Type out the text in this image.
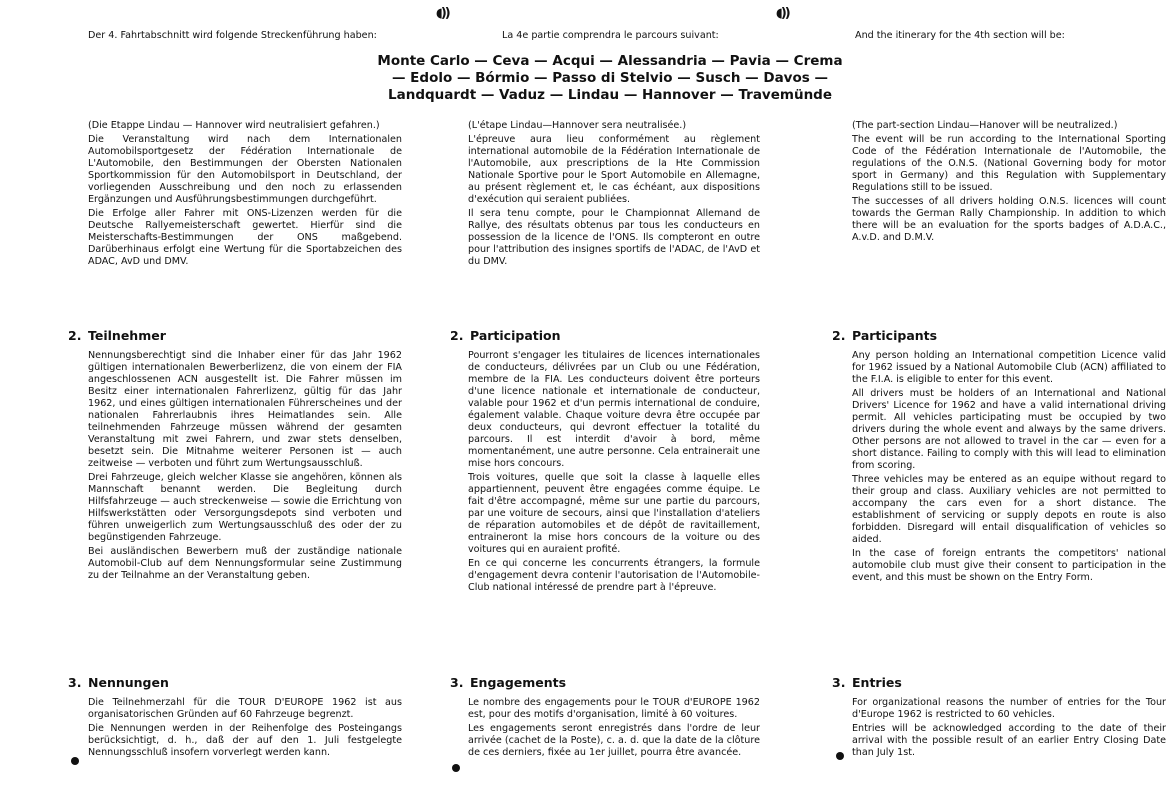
◖))	◖))
Der 4. Fahrtabschnitt wird folgende Streckenführung haben:	La 4e partie comprendra le parcours suivant:	And the itinerary for the 4th section will be:
Monte Carlo — Ceva — Acqui — Alessandria — Pavia — Crema
— Edolo — Bórmio — Passo di Stelvio — Susch — Davos —
Landquardt — Vaduz — Lindau — Hannover — Travemünde

(Die Etappe Lindau — Hannover wird neutralisiert gefahren.)

Die Veranstaltung wird nach dem Internationalen Automobilsportgesetz der Fédération Internationale de L'Automobile, den Bestimmungen der Obersten Nationalen Sportkommission für den Automobilsport in Deutschland, der vorliegenden Ausschreibung und den noch zu erlassenden Ergänzungen und Ausführungsbestimmungen durchgeführt.

Die Erfolge aller Fahrer mit ONS-Lizenzen werden für die Deutsche Rallyemeisterschaft gewertet. Hierfür sind die Meisterschafts-Bestimmungen der ONS maßgebend. Darüberhinaus erfolgt eine Wertung für die Sportabzeichen des ADAC, AvD und DMV.

(L'étape Lindau—Hannover sera neutralisée.)

L'épreuve aura lieu conformément au règlement international automobile de la Fédération Internationale de l'Automobile, aux prescriptions de la Hte Commission Nationale Sportive pour le Sport Automobile en Allemagne, au présent règlement et, le cas échéant, aux dispositions d'exécution qui seraient publiées.

Il sera tenu compte, pour le Championnat Allemand de Rallye, des résultats obtenus par tous les conducteurs en possession de la licence de l'ONS. Ils compteront en outre pour l'attribution des insignes sportifs de l'ADAC, de l'AvD et du DMV.

(The part-section Lindau—Hanover will be neutralized.)

The event will be run according to the International Sporting Code of the Fédération Internationale de l'Automobile, the regulations of the O.N.S. (National Governing body for motor sport in Germany) and this Regulation with Supplementary Regulations still to be issued.

The successes of all drivers holding O.N.S. licences will count towards the German Rally Championship. In addition to which there will be an evaluation for the sports badges of A.D.A.C., A.v.D. and D.M.V.

2. Teilnehmer	2. Participation	2. Participants

Nennungsberechtigt sind die Inhaber einer für das Jahr 1962 gültigen internationalen Bewerberlizenz, die von einem der FIA angeschlossenen ACN ausgestellt ist. Die Fahrer müssen im Besitz einer internationalen Fahrerlizenz, gültig für das Jahr 1962, und eines gültigen internationalen Führerscheines und der nationalen Fahrerlaubnis ihres Heimatlandes sein. Alle teilnehmenden Fahrzeuge müssen während der gesamten Veranstaltung mit zwei Fahrern, und zwar stets denselben, besetzt sein. Die Mitnahme weiterer Personen ist — auch zeitweise — verboten und führt zum Wertungsausschluß.

Drei Fahrzeuge, gleich welcher Klasse sie angehören, können als Mannschaft benannt werden. Die Begleitung durch Hilfsfahrzeuge — auch streckenweise — sowie die Errichtung von Hilfswerkstätten oder Versorgungsdepots sind verboten und führen unweigerlich zum Wertungsausschluß des oder der zu begünstigenden Fahrzeuge.

Bei ausländischen Bewerbern muß der zuständige nationale Automobil-Club auf dem Nennungsformular seine Zustimmung zu der Teilnahme an der Veranstaltung geben.

Pourront s'engager les titulaires de licences internationales de conducteurs, délivrées par un Club ou une Fédération, membre de la FIA. Les conducteurs doivent être porteurs d'une licence nationale et internationale de conducteur, valable pour 1962 et d'un permis international de conduire, également valable. Chaque voiture devra être occupée par deux conducteurs, qui devront effectuer la totalité du parcours. Il est interdit d'avoir à bord, même momentanément, une autre personne. Cela entrainerait une mise hors concours.

Trois voitures, quelle que soit la classe à laquelle elles appartiennent, peuvent être engagées comme équipe. Le fait d'être accompagné, même sur une partie du parcours, par une voiture de secours, ainsi que l'installation d'ateliers de réparation automobiles et de dépôt de ravitaillement, entraineront la mise hors concours de la voiture ou des voitures qui en auraient profité.

En ce qui concerne les concurrents étrangers, la formule d'engagement devra contenir l'autorisation de l'Automobile-Club national intéressé de prendre part à l'épreuve.

Any person holding an International competition Licence valid for 1962 issued by a National Automobile Club (ACN) affiliated to the F.I.A. is eligible to enter for this event.

All drivers must be holders of an International and National Drivers' Licence for 1962 and have a valid international driving permit. All vehicles participating must be occupied by two drivers during the whole event and always by the same drivers. Other persons are not allowed to travel in the car — even for a short distance. Failing to comply with this will lead to elimination from scoring.

Three vehicles may be entered as an equipe without regard to their group and class. Auxiliary vehicles are not permitted to accompany the cars even for a short distance. The establishment of servicing or supply depots en route is also forbidden. Disregard will entail disqualification of vehicles so aided.

In the case of foreign entrants the competitors' national automobile club must give their consent to participation in the event, and this must be shown on the Entry Form.

3. Nennungen	3. Engagements	3. Entries

Die Teilnehmerzahl für die TOUR D'EUROPE 1962 ist aus organisatorischen Gründen auf 60 Fahrzeuge begrenzt.

Die Nennungen werden in der Reihenfolge des Posteingangs berücksichtigt, d. h., daß der auf den 1. Juli festgelegte Nennungsschluß insofern vorverlegt werden kann.

Le nombre des engagements pour le TOUR d'EUROPE 1962 est, pour des motifs d'organisation, limité à 60 voitures.

Les engagements seront enregistrés dans l'ordre de leur arrivée (cachet de la Poste), c. a. d. que la date de la clôture de ces derniers, fixée au 1er juillet, pourra être avancée.

For organizational reasons the number of entries for the Tour d'Europe 1962 is restricted to 60 vehicles.

Entries will be acknowledged according to the date of their arrival with the possible result of an earlier Entry Closing Date than July 1st.
